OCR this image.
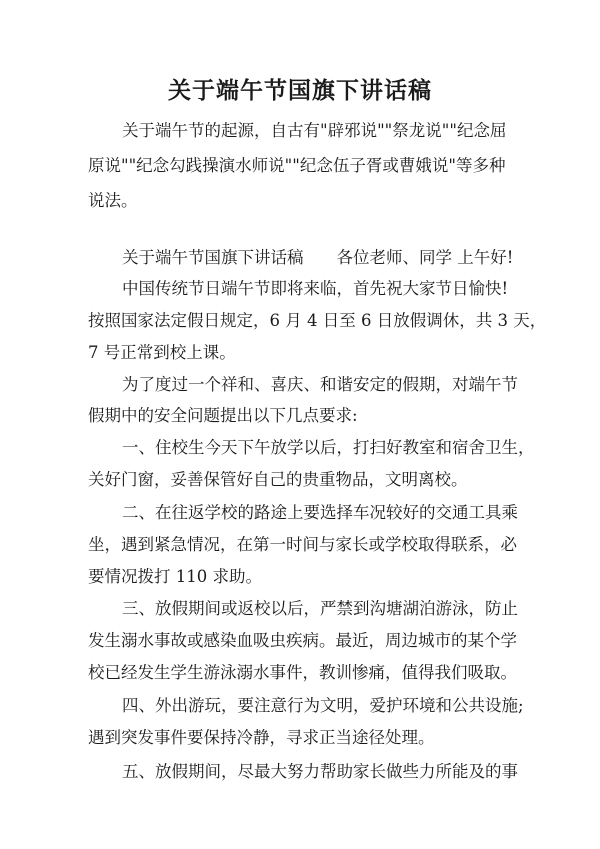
关于端午节国旗下讲话稿
关于端午节的起源，自古有"辟邪说""祭龙说""纪念屈
原说""纪念勾践操演水师说""纪念伍子胥或曹娥说"等多种
说法。
关于端午节国旗下讲话稿　　各位老师、同学 上午好!
中国传统节日端午节即将来临，首先祝大家节日愉快!
按照国家法定假日规定，6 月 4 日至 6 日放假调休，共 3 天，
7 号正常到校上课。
为了度过一个祥和、喜庆、和谐安定的假期，对端午节
假期中的安全问题提出以下几点要求:
一、住校生今天下午放学以后，打扫好教室和宿舍卫生，
关好门窗，妥善保管好自己的贵重物品，文明离校。
二、在往返学校的路途上要选择车况较好的交通工具乘
坐，遇到紧急情况，在第一时间与家长或学校取得联系，必
要情况拨打 110 求助。
三、放假期间或返校以后，严禁到沟塘湖泊游泳，防止
发生溺水事故或感染血吸虫疾病。最近，周边城市的某个学
校已经发生学生游泳溺水事件，教训惨痛，值得我们吸取。
四、外出游玩，要注意行为文明，爱护环境和公共设施;
遇到突发事件要保持冷静，寻求正当途径处理。
五、放假期间，尽最大努力帮助家长做些力所能及的事
